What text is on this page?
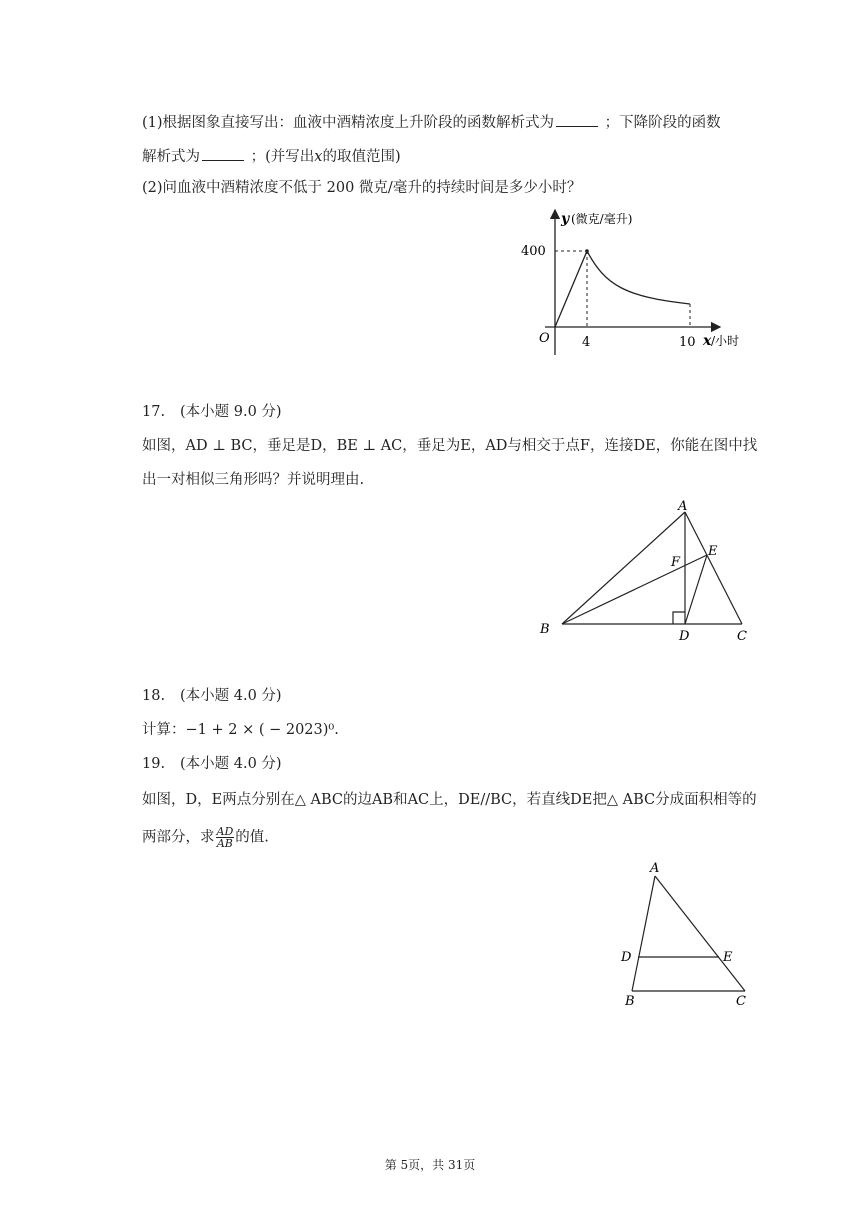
(1)根据图象直接写出：血液中酒精浓度上升阶段的函数解析式为	；下降阶段的函数
解析式为	；(并写出x的取值范围)
(2)问血液中酒精浓度不低于 200 微克/毫升的持续时间是多少小时？
y (微克/毫升)
400
O 4	10 x /小时
17. (本小题 9.0 分)
如图，AD ⊥ BC，垂足是D，BE ⊥ AC，垂足为E，AD与相交于点F，连接DE，你能在图中找
出一对相似三角形吗？并说明理由.
A
E
F
B	D	C
18. (本小题 4.0 分)
计算：−1 + 2 × ( − 2023)⁰.
19. (本小题 4.0 分)
如图，D，E两点分别在△ ABC的边AB和AC上，DE//BC，若直线DE把△ ABC分成面积相等的
两部分，求 $\frac{AD}{AB}$ 的值.
A
D	E
B	C
第 5页，共 31页
